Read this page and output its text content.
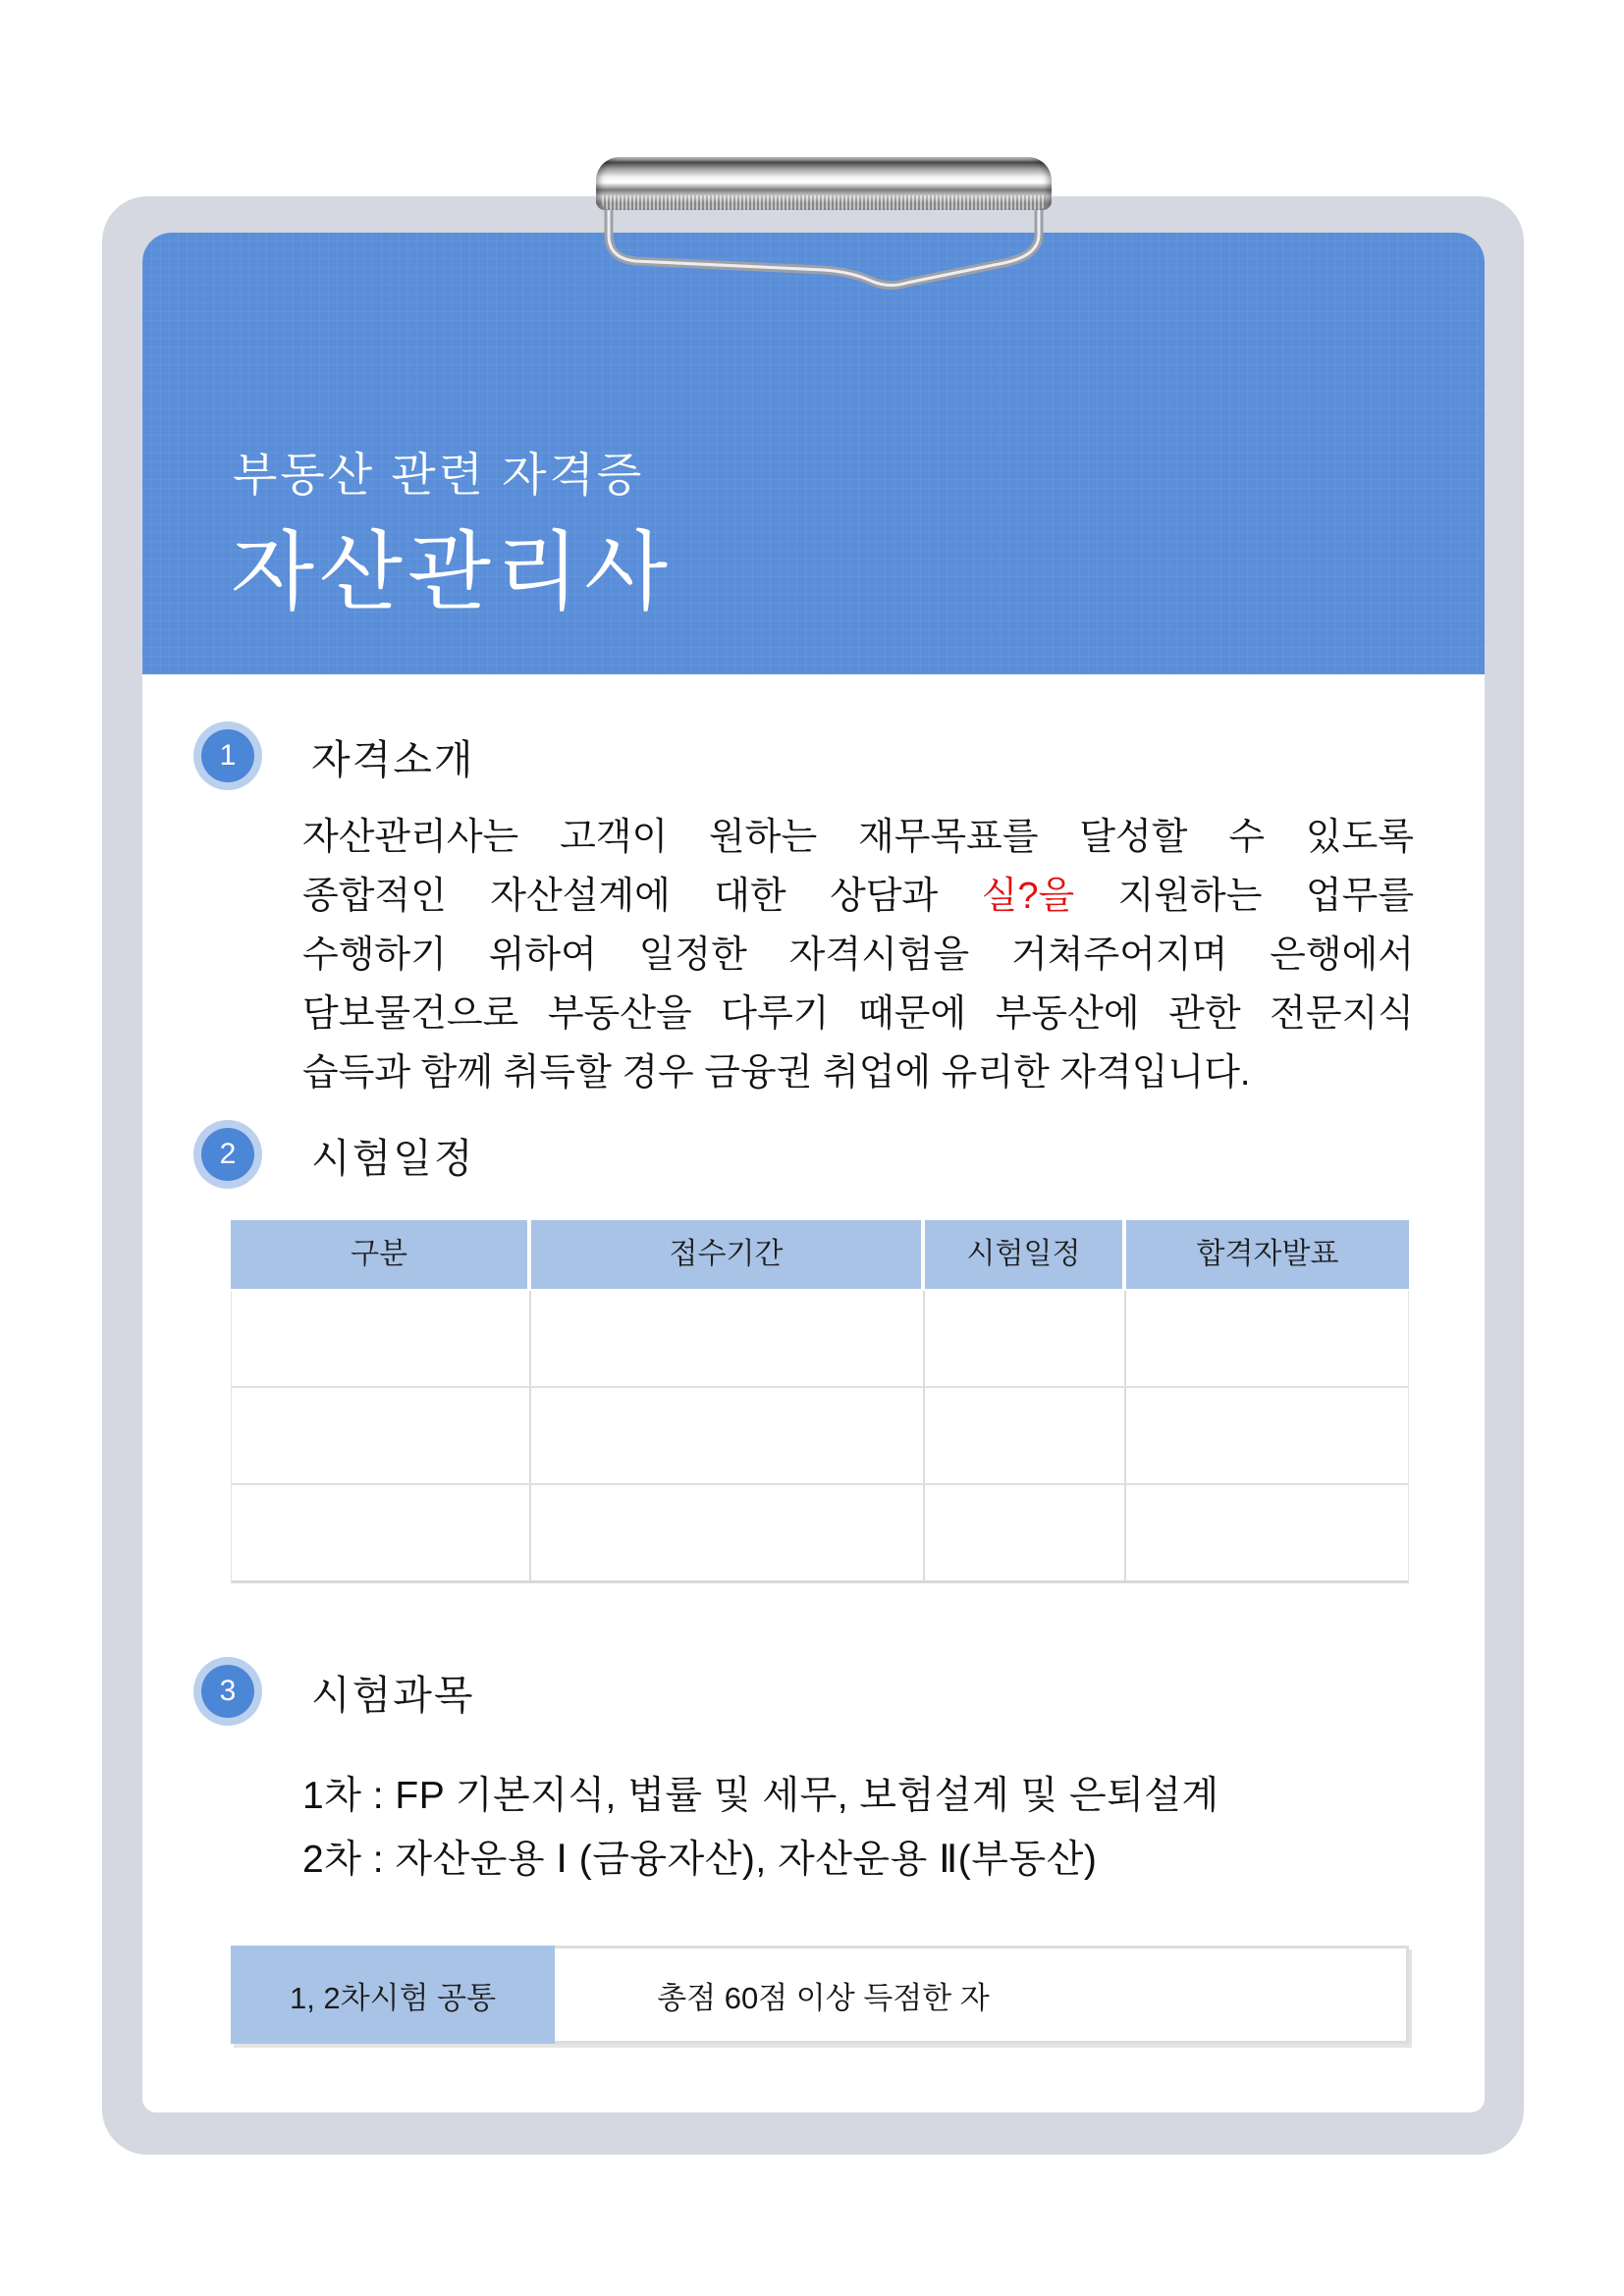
부동산 관련 자격증
자산관리사
1 자격소개
자산관리사는 고객이 원하는 재무목표를 달성할 수 있도록
종합적인 자산설계에 대한 상담과 실?을 지원하는 업무를
수행하기 위하여 일정한 자격시험을 거쳐주어지며 은행에서
담보물건으로 부동산을 다루기 때문에 부동산에 관한 전문지식
습득과 함께 취득할 경우 금융권 취업에 유리한 자격입니다.
2 시험일정
구분	접수기간	시험일정	합격자발표
3 시험과목
1차 : FP 기본지식, 법률 및 세무, 보험설계 및 은퇴설계
2차 : 자산운용 Ⅰ (금융자산), 자산운용 Ⅱ(부동산)
1, 2차시험 공통	총점 60점 이상 득점한 자
